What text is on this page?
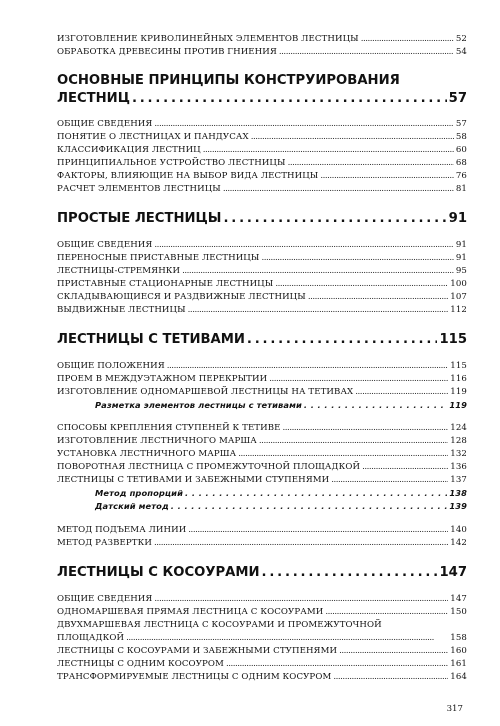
ИЗГОТОВЛЕНИЕ КРИВОЛИНЕЙНЫХ ЭЛЕМЕНТОВ ЛЕСТНИЦЫ . . .	52
ОБРАБОТКА ДРЕВЕСИНЫ ПРОТИВ ГНИЕНИЯ . . .	54
ОСНОВНЫЕ ПРИНЦИПЫ КОНСТРУИРОВАНИЯ
ЛЕСТНИЦ . . .	57
ОБЩИЕ СВЕДЕНИЯ . . .	57
ПОНЯТИЕ О ЛЕСТНИЦАХ И ПАНДУСАХ . . .	58
КЛАССИФИКАЦИЯ ЛЕСТНИЦ . . .	60
ПРИНЦИПИАЛЬНОЕ УСТРОЙСТВО ЛЕСТНИЦЫ . . .	68
ФАКТОРЫ, ВЛИЯЮЩИЕ НА ВЫБОР ВИДА ЛЕСТНИЦЫ . . .	76
РАСЧЕТ ЭЛЕМЕНТОВ ЛЕСТНИЦЫ . . .	81
ПРОСТЫЕ ЛЕСТНИЦЫ . . .	91
ОБЩИЕ СВЕДЕНИЯ . . .	91
ПЕРЕНОСНЫЕ ПРИСТАВНЫЕ ЛЕСТНИЦЫ . . .	91
ЛЕСТНИЦЫ-СТРЕМЯНКИ . . .	95
ПРИСТАВНЫЕ СТАЦИОНАРНЫЕ ЛЕСТНИЦЫ . . .	100
СКЛАДЫВАЮЩИЕСЯ И РАЗДВИЖНЫЕ ЛЕСТНИЦЫ . . .	107
ВЫДВИЖНЫЕ ЛЕСТНИЦЫ . . .	112
ЛЕСТНИЦЫ С ТЕТИВАМИ . . .	115
ОБЩИЕ ПОЛОЖЕНИЯ . . .	115
ПРОЕМ В МЕЖДУЭТАЖНОМ ПЕРЕКРЫТИИ . . .	116
ИЗГОТОВЛЕНИЕ ОДНОМАРШЕВОЙ ЛЕСТНИЦЫ НА ТЕТИВАХ . . .	119
Разметка элементов лестницы с тетивами . . .	119
СПОСОБЫ КРЕПЛЕНИЯ СТУПЕНЕЙ К ТЕТИВЕ . . .	124
ИЗГОТОВЛЕНИЕ ЛЕСТНИЧНОГО МАРША . . .	128
УСТАНОВКА ЛЕСТНИЧНОГО МАРША . . .	132
ПОВОРОТНАЯ ЛЕСТНИЦА С ПРОМЕЖУТОЧНОЙ ПЛОЩАДКОЙ . . .	136
ЛЕСТНИЦЫ С ТЕТИВАМИ И ЗАБЕЖНЫМИ СТУПЕНЯМИ . . .	137
Метод пропорций . . .	138
Датский метод . . .	139
МЕТОД ПОДЪЕМА ЛИНИИ . . .	140
МЕТОД РАЗВЕРТКИ . . .	142
ЛЕСТНИЦЫ С КОСОУРАМИ . . .	147
ОБЩИЕ СВЕДЕНИЯ . . .	147
ОДНОМАРШЕВАЯ ПРЯМАЯ ЛЕСТНИЦА С КОСОУРАМИ . . .	150
ДВУХМАРШЕВАЯ ЛЕСТНИЦА С КОСОУРАМИ И ПРОМЕЖУТОЧНОЙ
ПЛОЩАДКОЙ . . .	158
ЛЕСТНИЦЫ С КОСОУРАМИ И ЗАБЕЖНЫМИ СТУПЕНЯМИ . . .	160
ЛЕСТНИЦЫ С ОДНИМ КОСОУРОМ . . .	161
ТРАНСФОРМИРУЕМЫЕ ЛЕСТНИЦЫ С ОДНИМ КОСУРОМ . . .	164
317
